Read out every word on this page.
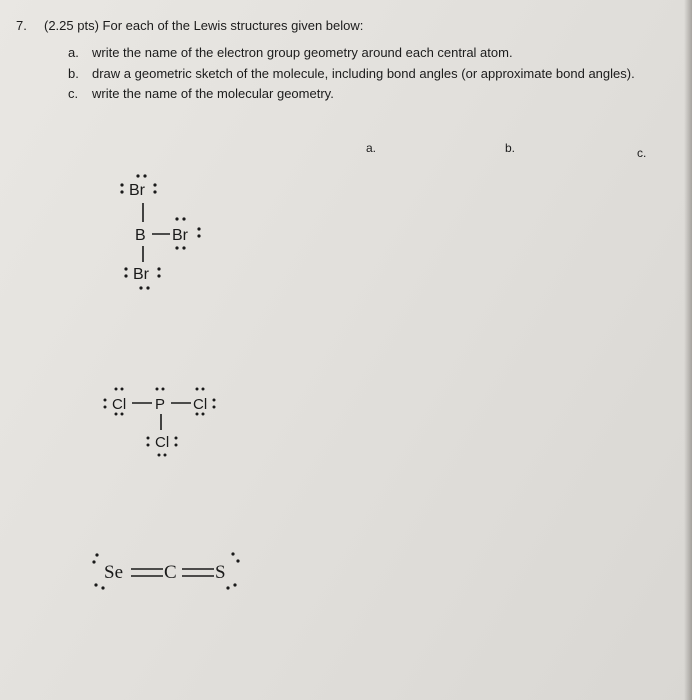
7. (2.25 pts) For each of the Lewis structures given below:
a. write the name of the electron group geometry around each central atom.
b. draw a geometric sketch of the molecule, including bond angles (or approximate bond angles).
c. write the name of the molecular geometry.
a.	b.	c.
Br
B Br
Br
Cl P Cl
Cl
Se C S
